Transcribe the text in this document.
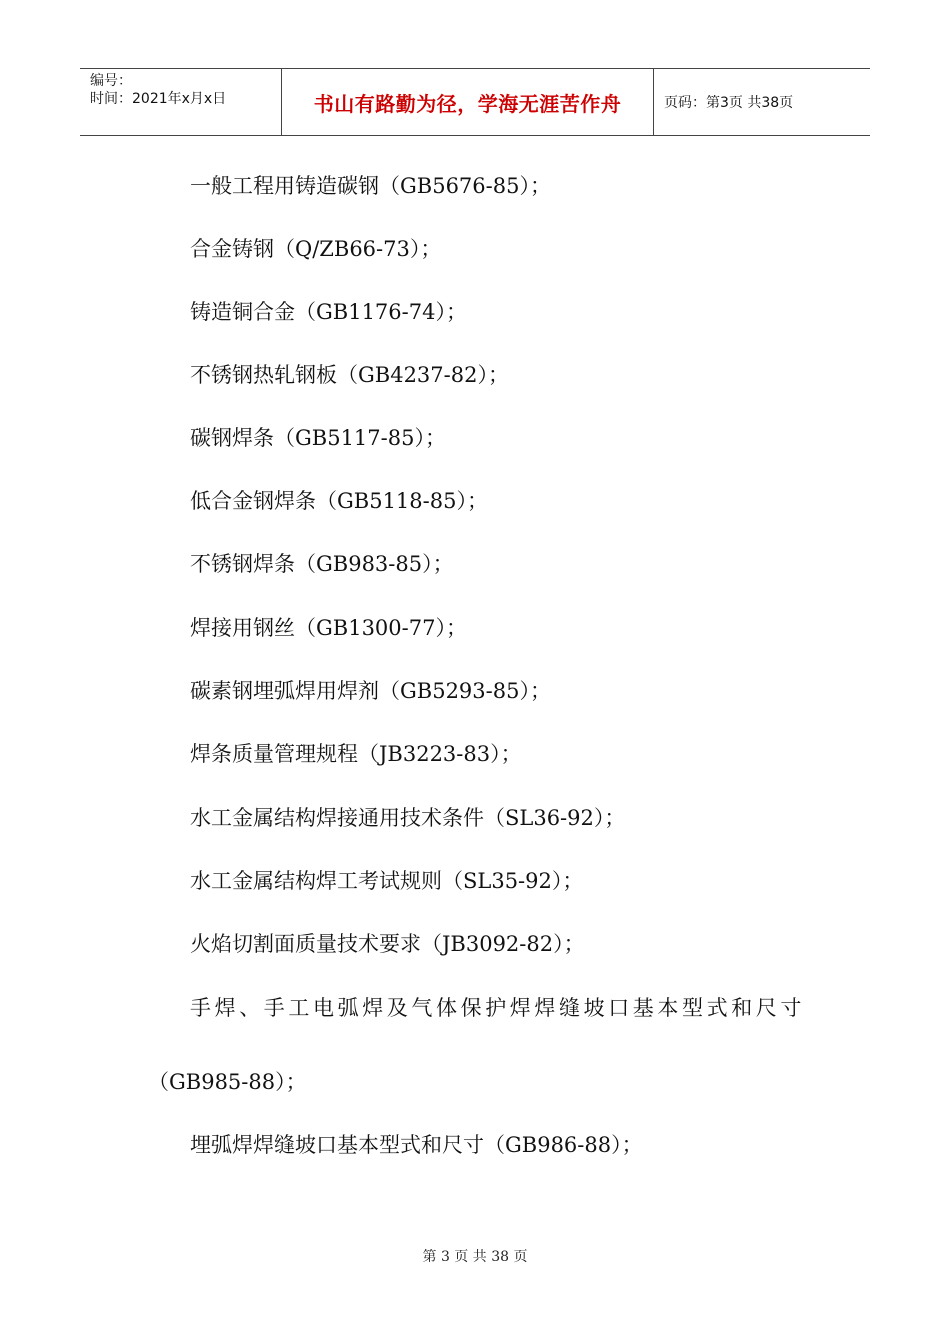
编号：
时间：2021年x月x日	书山有路勤为径，学海无涯苦作舟	页码：第3页 共38页
一般工程用铸造碳钢（GB5676-85）；
合金铸钢（Q/ZB66-73）；
铸造铜合金（GB1176-74）；
不锈钢热轧钢板（GB4237-82）；
碳钢焊条（GB5117-85）；
低合金钢焊条（GB5118-85）；
不锈钢焊条（GB983-85）；
焊接用钢丝（GB1300-77）；
碳素钢埋弧焊用焊剂（GB5293-85）；
焊条质量管理规程（JB3223-83）；
水工金属结构焊接通用技术条件（SL36-92）；
水工金属结构焊工考试规则（SL35-92）；
火焰切割面质量技术要求（JB3092-82）；
手焊、手工电弧焊及气体保护焊焊缝坡口基本型式和尺寸
（GB985-88）；
埋弧焊焊缝坡口基本型式和尺寸（GB986-88）；
第 3 页 共 38 页
